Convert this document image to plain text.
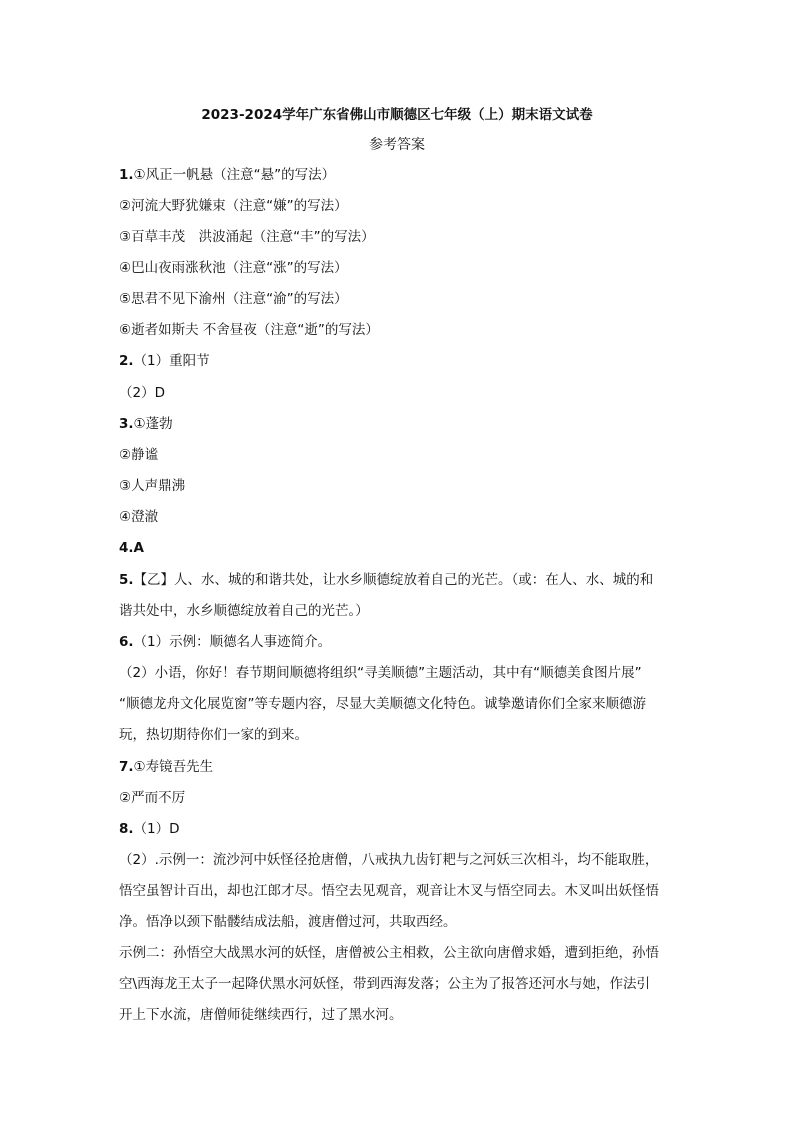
2023-2024学年广东省佛山市顺德区七年级（上）期末语文试卷
参考答案
1.①风正一帆悬（注意“悬”的写法）
②河流大野犹嫌束（注意“嫌”的写法）
③百草丰茂　洪波涌起（注意“丰”的写法）
④巴山夜雨涨秋池（注意“涨”的写法）
⑤思君不见下渝州（注意“渝”的写法）
⑥逝者如斯夫 不舍昼夜（注意“逝”的写法）
2.（1）重阳节
（2）D
3.①蓬勃
②静谧
③人声鼎沸
④澄澈
4.A
5.【乙】人、水、城的和谐共处，让水乡顺德绽放着自己的光芒。（或：在人、水、城的和
谐共处中，水乡顺德绽放着自己的光芒。）
6.（1）示例：顺德名人事迹简介。
（2）小语，你好！春节期间顺德将组织“寻美顺德”主题活动，其中有“顺德美食图片展”
“顺德龙舟文化展览窗”等专题内容，尽显大美顺德文化特色。诚挚邀请你们全家来顺德游
玩，热切期待你们一家的到来。
7.①寿镜吾先生
②严而不厉
8.（1）D
（2）.示例一：流沙河中妖怪径抢唐僧，八戒执九齿钉耙与之河妖三次相斗，均不能取胜，
悟空虽智计百出，却也江郎才尽。悟空去见观音，观音让木叉与悟空同去。木叉叫出妖怪悟
净。悟净以颈下骷髅结成法船，渡唐僧过河，共取西经。
示例二：孙悟空大战黑水河的妖怪，唐僧被公主相救，公主欲向唐僧求婚，遭到拒绝，孙悟
空\西海龙王太子一起降伏黑水河妖怪，带到西海发落；公主为了报答还河水与她，作法引
开上下水流，唐僧师徒继续西行，过了黑水河。
